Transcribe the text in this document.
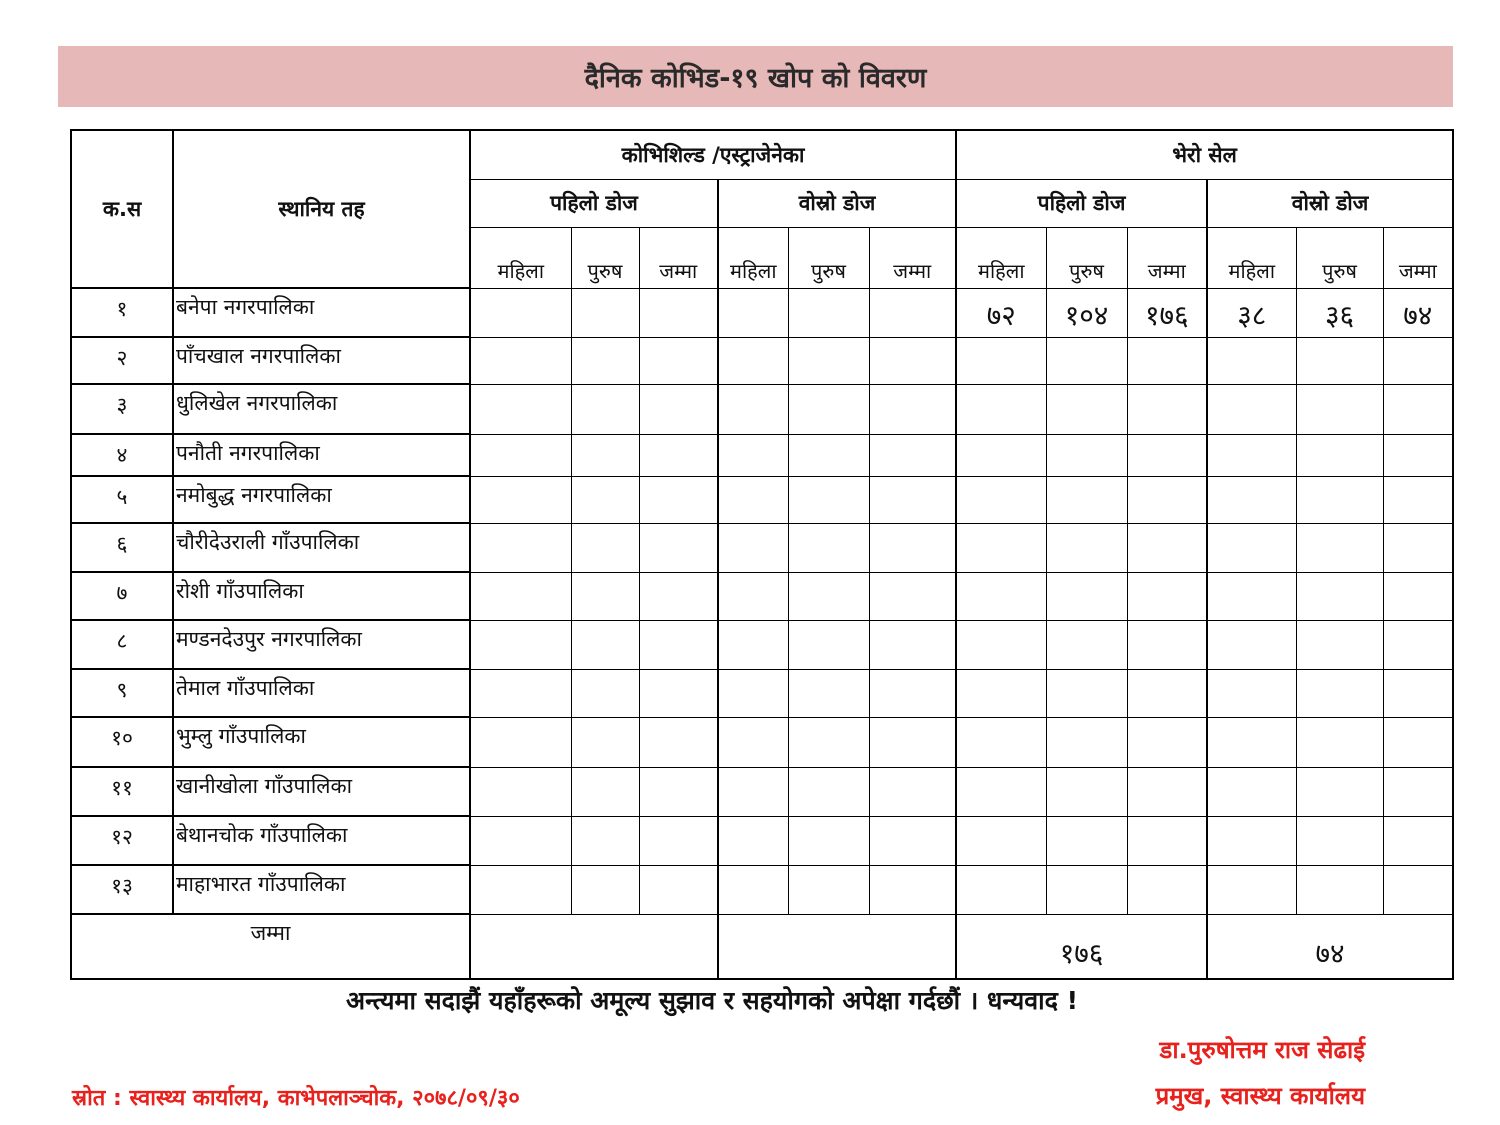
दैनिक कोभिड-१९ खोप को विवरण
क.स	स्थानिय तह	कोभिशिल्ड /एस्ट्राजेनेका						भेरो सेल					
		पहिलो डोज			वोस्रो डोज			पहिलो डोज			वोस्रो डोज		
		महिला	पुरुष	जम्मा	महिला	पुरुष	जम्मा	महिला	पुरुष	जम्मा	महिला	पुरुष	जम्मा
१	बनेपा नगरपालिका							७२	१०४	१७६	३८	३६	७४
२	पाँचखाल नगरपालिका												
३	धुलिखेल नगरपालिका												
४	पनौती नगरपालिका												
५	नमोबुद्ध नगरपालिका												
६	चौरीदेउराली गाँउपालिका												
७	रोशी गाँउपालिका												
८	मण्डनदेउपुर नगरपालिका												
९	तेमाल गाँउपालिका												
१०	भुम्लु गाँउपालिका												
११	खानीखोला गाँउपालिका												
१२	बेथानचोक गाँउपालिका												
१३	माहाभारत गाँउपालिका												
जम्मा								१७६			७४		
अन्त्यमा सदाझैं यहाँहरूको अमूल्य सुझाव र सहयोगको अपेक्षा गर्दछौं । धन्यवाद !
डा.पुरुषोत्तम राज सेढाई
प्रमुख, स्वास्थ्य कार्यालय
स्रोत : स्वास्थ्य कार्यालय, काभेपलाञ्चोक, २०७८/०९/३०
